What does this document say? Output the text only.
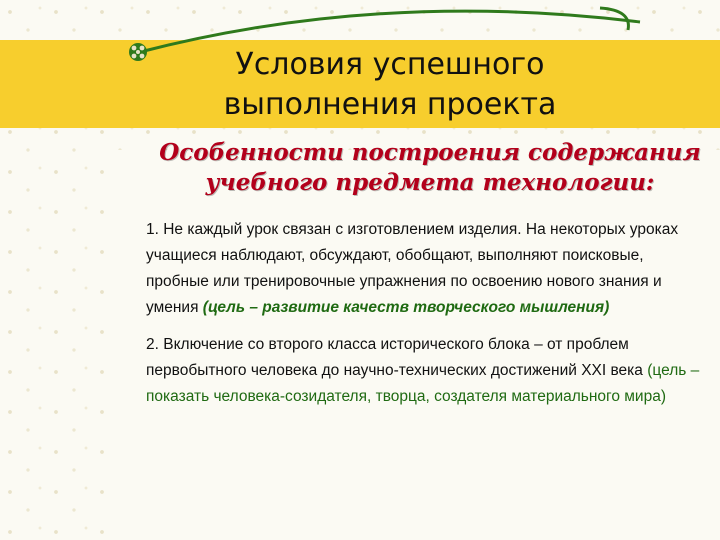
Условия успешного
выполнения проекта
Особенности построения содержания
учебного предмета технологии:

1. Не каждый урок связан с изготовлением изделия. На некоторых уроках учащиеся наблюдают, обсуждают, обобщают, выполняют поисковые, пробные или тренировочные упражнения по освоению нового знания и умения (цель – развитие качеств творческого мышления)

2. Включение со второго класса исторического блока – от проблем первобытного человека до научно-технических достижений XXI века (цель – показать человека-созидателя, творца, создателя материального мира)
